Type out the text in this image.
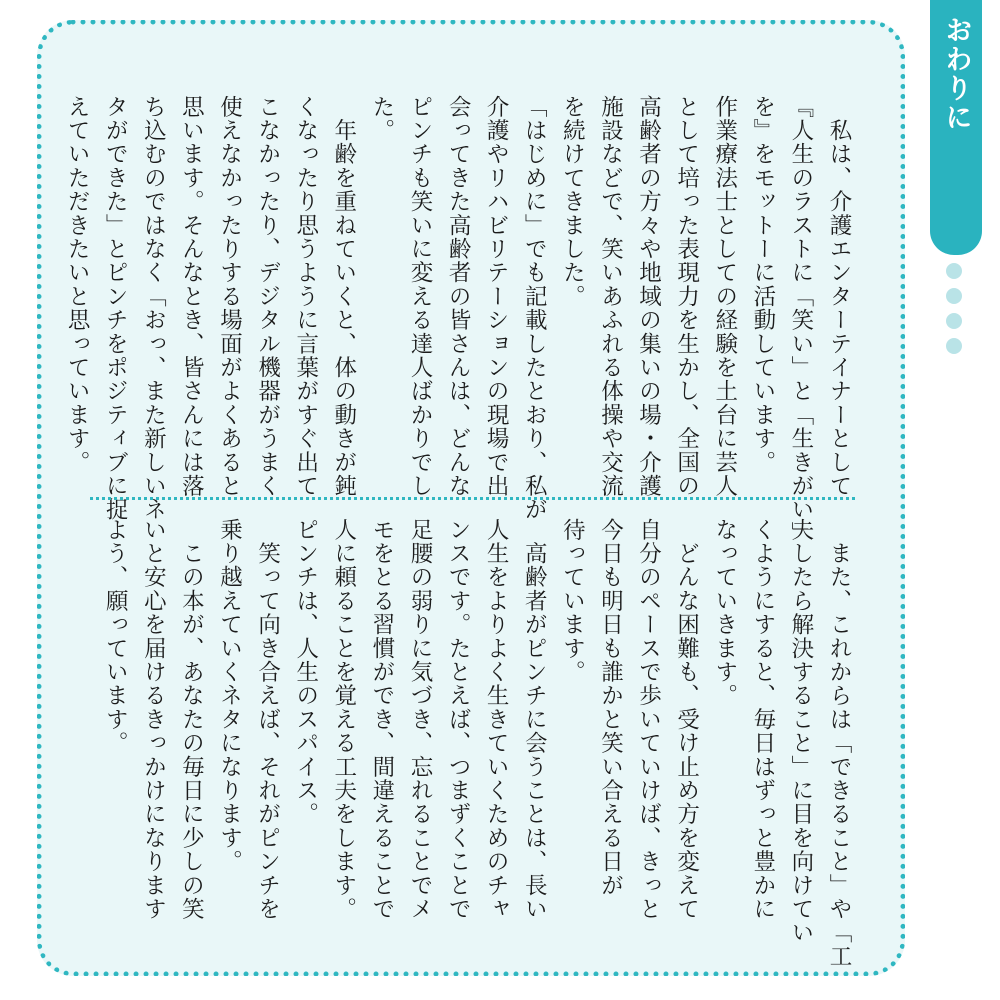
おわりに

　私は、介護エンターテイナーとして

『人生のラストに「笑い」と「生きがい」

を』をモットーに活動しています。

作業療法士としての経験を土台に芸人

として培った表現力を生かし、全国の

高齢者の方々や地域の集いの場・介護

施設などで、笑いあふれる体操や交流

を続けてきました。

「はじめに」でも記載したとおり、私が

介護やリハビリテーションの現場で出

会ってきた高齢者の皆さんは、どんな

ピンチも笑いに変える達人ばかりでし

た。

　年齢を重ねていくと、体の動きが鈍

くなったり思うように言葉がすぐ出て

こなかったり、デジタル機器がうまく

使えなかったりする場面がよくあると

思います。そんなとき、皆さんには落

ち込むのではなく「おっ、また新しいネ

タができた」とピンチをポジティブに捉

えていただきたいと思っています。

　また、これからは「できること」や「工

夫したら解決すること」に目を向けてい

くようにすると、毎日はずっと豊かに

なっていきます。

　どんな困難も、受け止め方を変えて

自分のペースで歩いていけば、きっと

今日も明日も誰かと笑い合える日が

待っています。

　高齢者がピンチに会うことは、長い

人生をよりよく生きていくためのチャ

ンスです。たとえば、つまずくことで

足腰の弱りに気づき、忘れることでメ

モをとる習慣ができ、間違えることで

人に頼ることを覚える工夫をします。

ピンチは、人生のスパイス。

　笑って向き合えば、それがピンチを

乗り越えていくネタになります。

　この本が、あなたの毎日に少しの笑

いと安心を届けるきっかけになります

よう、願っています。
